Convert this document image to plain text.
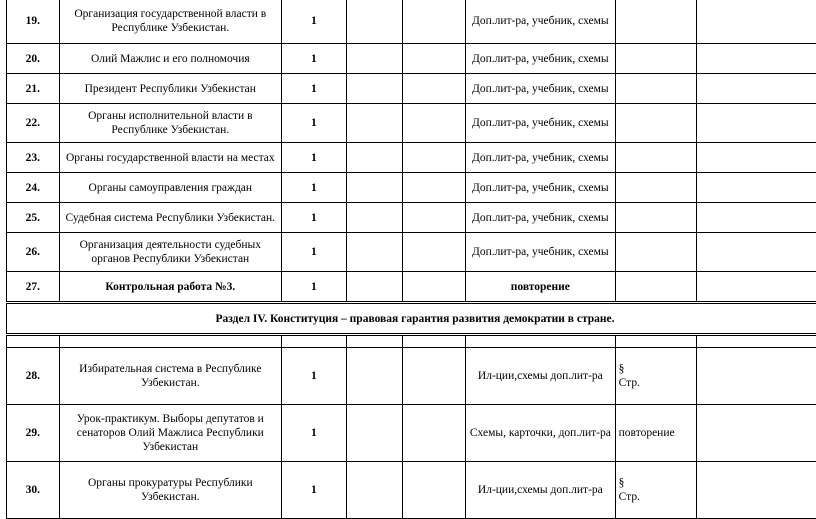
19.	Организация государственной власти в Республике Узбекистан.	1			Доп.лит-ра, учебник, схемы		
20.	Олий Мажлис и его полномочия	1			Доп.лит-ра, учебник, схемы		
21.	Президент Республики Узбекистан	1			Доп.лит-ра, учебник, схемы		
22.	Органы исполнительной власти в Республике Узбекистан.	1			Доп.лит-ра, учебник, схемы		
23.	Органы государственной власти на местах	1			Доп.лит-ра, учебник, схемы		
24.	Органы самоуправления граждан	1			Доп.лит-ра, учебник, схемы		
25.	Судебная система Республики Узбекистан.	1			Доп.лит-ра, учебник, схемы		
26.	Организация деятельности судебных органов Республики Узбекистан	1			Доп.лит-ра, учебник, схемы		
27.	Контрольная работа №3.	1			повторение		
Раздел IV. Конституция – правовая гарантия развития демократии в стране.							

28.	Избирательная система в Республике Узбекистан.	1			Ил-ции,схемы доп.лит-ра	§
Стр.	

29.	Урок-практикум. Выборы депутатов и сенаторов Олий Мажлиса Республики Узбекистан	1			Схемы, карточки, доп.лит-ра	повторение	

30.	Органы прокуратуры Республики Узбекистан.	1			Ил-ции,схемы доп.лит-ра	§
Стр.	
